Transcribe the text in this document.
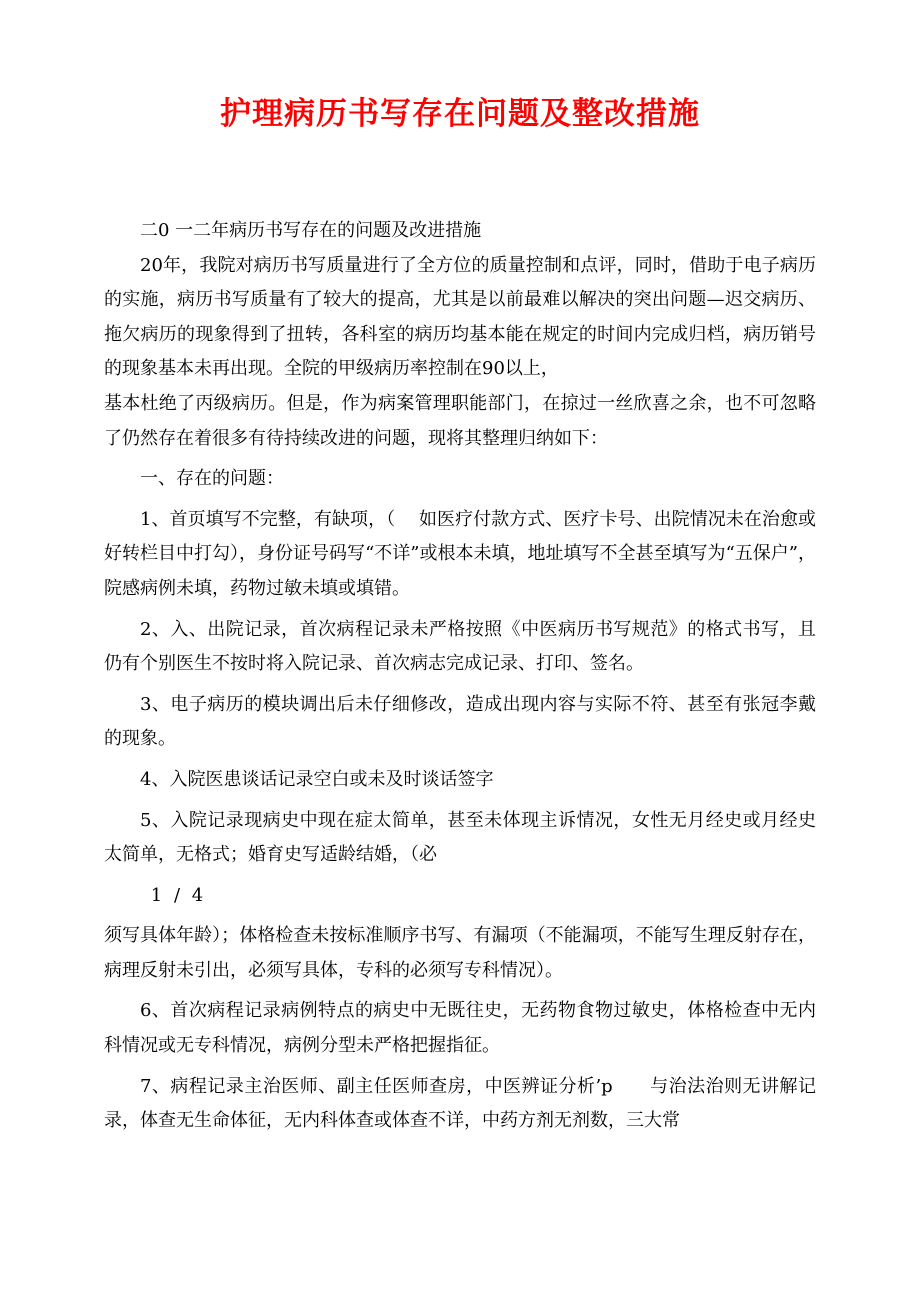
护理病历书写存在问题及整改措施

二0 一二年病历书写存在的问题及改进措施

20年，我院对病历书写质量进行了全方位的质量控制和点评，同时，借助于电子病历的实施，病历书写质量有了较大的提高，尤其是以前最难以解决的突出问题—迟交病历、拖欠病历的现象得到了扭转，各科室的病历均基本能在规定的时间内完成归档，病历销号的现象基本未再出现。全院的甲级病历率控制在90以上，

基本杜绝了丙级病历。但是，作为病案管理职能部门，在掠过一丝欣喜之余，也不可忽略了仍然存在着很多有待持续改进的问题，现将其整理归纳如下：

一、存在的问题：

1、首页填写不完整，有缺项，（　 如医疗付款方式、医疗卡号、出院情况未在治愈或好转栏目中打勾），身份证号码写“不详”或根本未填，地址填写不全甚至填写为“五保户”，院感病例未填，药物过敏未填或填错。

2、入、出院记录，首次病程记录未严格按照《中医病历书写规范》的格式书写，且仍有个别医生不按时将入院记录、首次病志完成记录、打印、签名。

3、电子病历的模块调出后未仔细修改，造成出现内容与实际不符、甚至有张冠李戴的现象。

4、入院医患谈话记录空白或未及时谈话签字

5、入院记录现病史中现在症太简单，甚至未体现主诉情况，女性无月经史或月经史太简单，无格式；婚育史写适龄结婚，（必

1 / 4

须写具体年龄）；体格检查未按标准顺序书写、有漏项（不能漏项，不能写生理反射存在，病理反射未引出，必须写具体，专科的必须写专科情况）。

6、首次病程记录病例特点的病史中无既往史，无药物食物过敏史，体格检查中无内科情况或无专科情况，病例分型未严格把握指征。

7、病程记录主治医师、副主任医师查房，中医辨证分析’p　　与治法治则无讲解记录，体查无生命体征，无内科体查或体查不详，中药方剂无剂数，三大常
